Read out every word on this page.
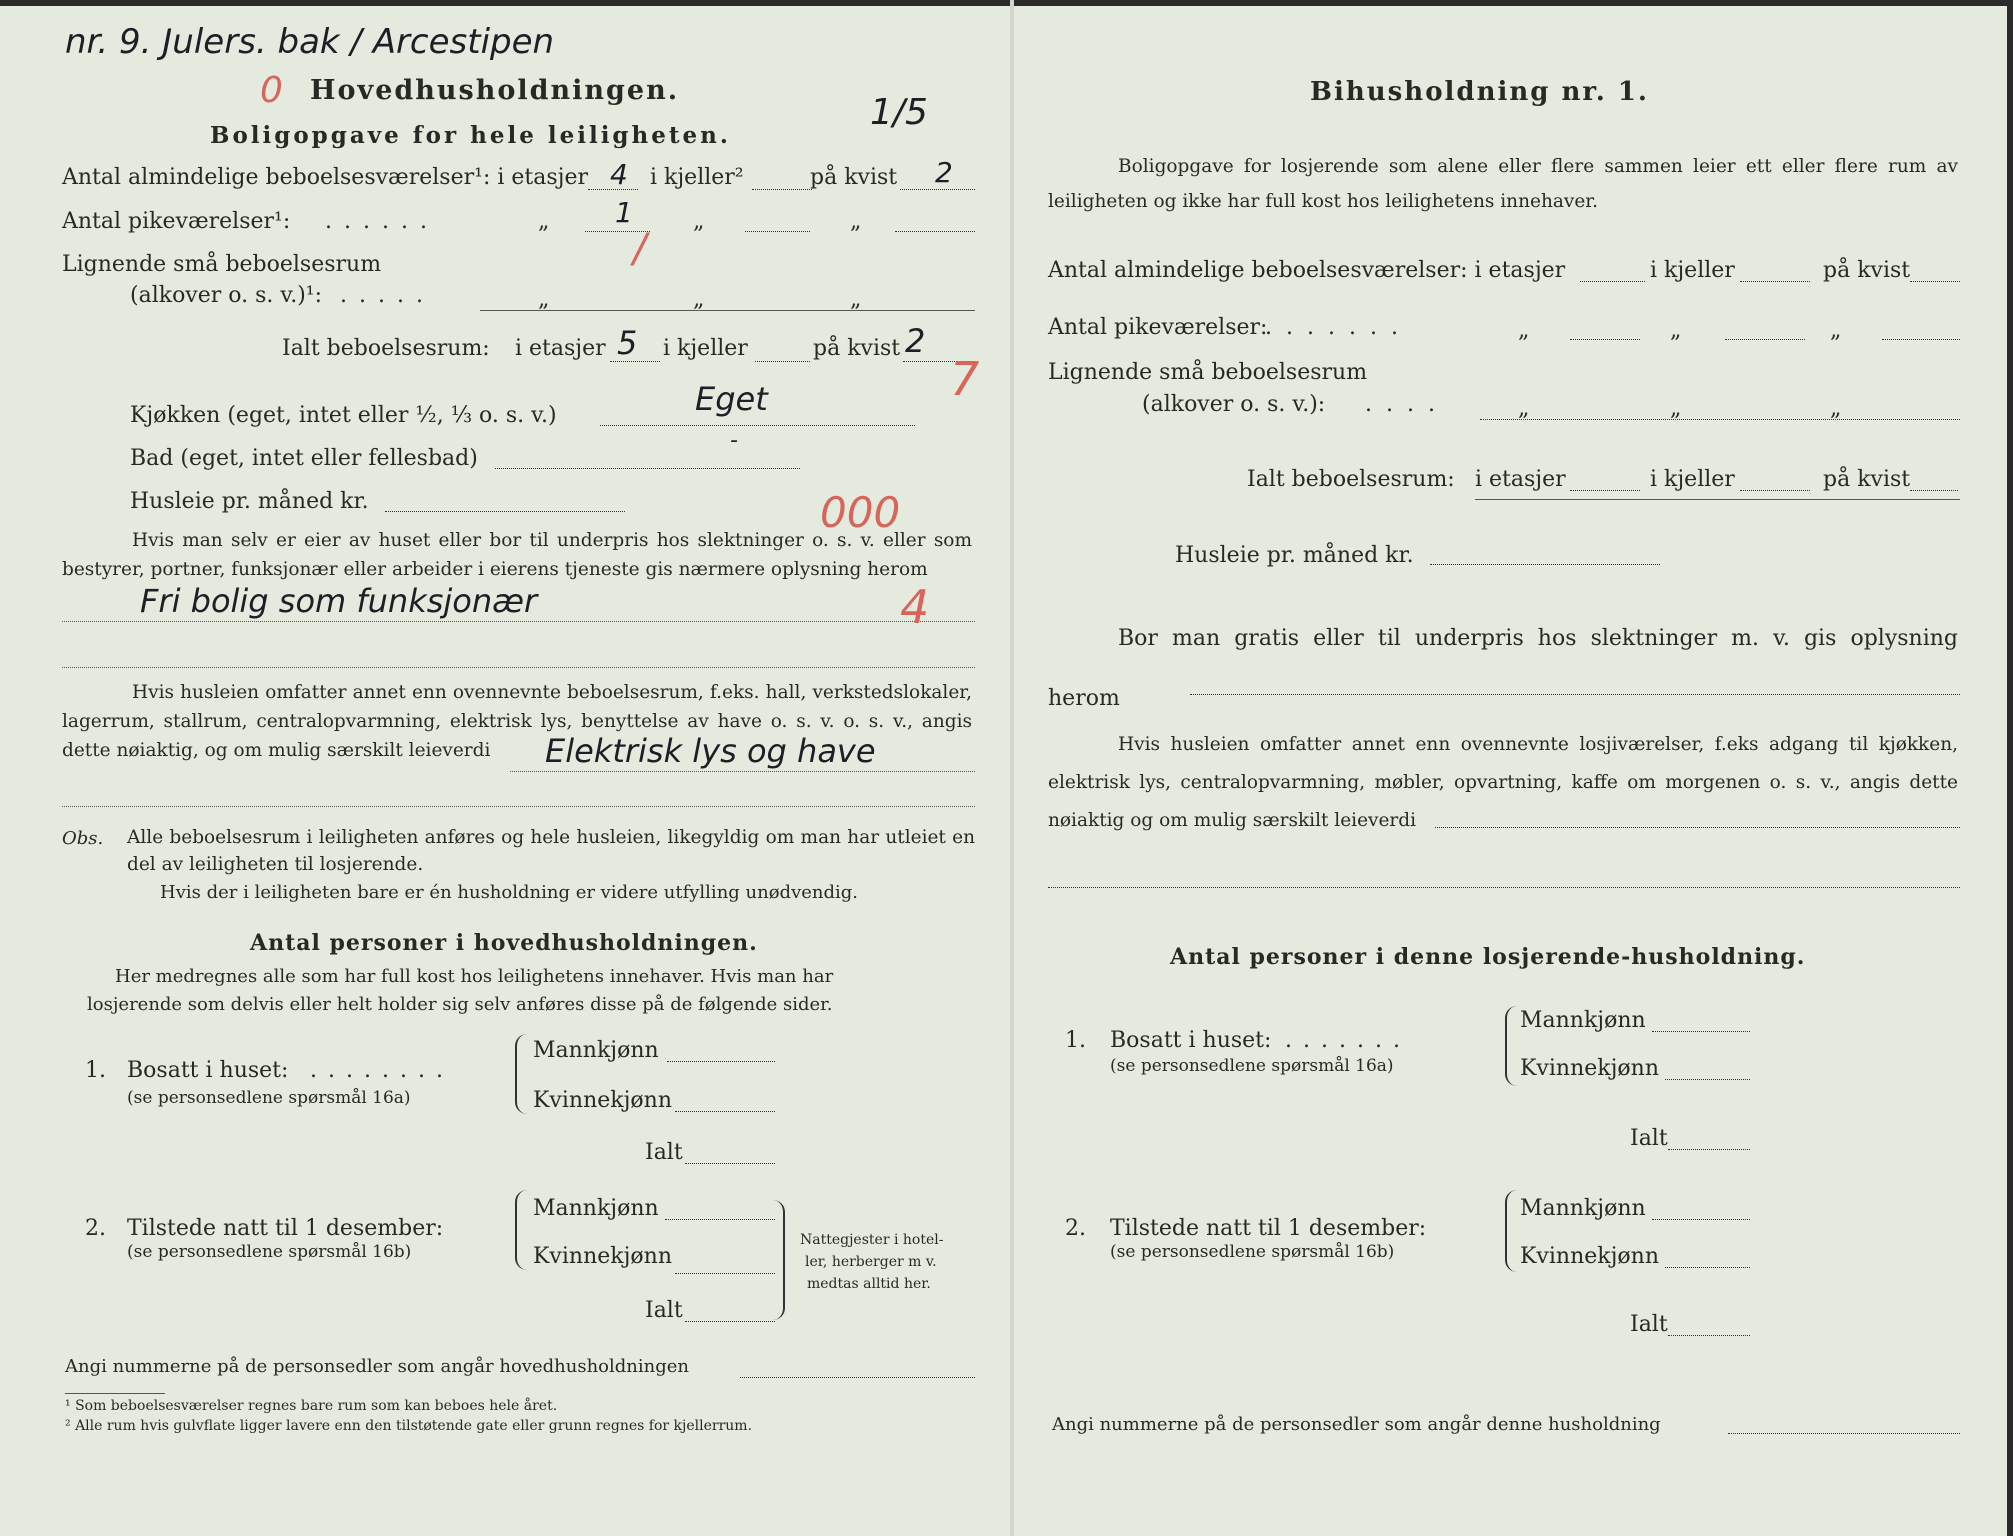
nr. 9. Julers. bak / Arcestipen
0 Hovedhusholdningen.
1/5
Boligopgave for hele leiligheten.
Antal almindelige beboelsesværelser¹: i etasjer 4 i kjeller²	på kvist 2
Antal pikeværelser¹: ......	„ 1	„	„
/
Lignende små beboelsesrum
(alkover o. s. v.)¹: .....	„	„	„
Ialt beboelsesrum: i etasjer 5 i kjeller	på kvist 2
7
Kjøkken (eget, intet eller ½, ⅓ o. s. v.)	Eget
Bad (eget, intet eller fellesbad)
-
Husleie pr. måned kr.	000
Hvis man selv er eier av huset eller bor til underpris hos slektninger o. s. v. eller som bestyrer, portner, funksjonær eller arbeider i eierens tjeneste gis nærmere oplysning herom
Fri bolig som funksjonær	4
Hvis husleien omfatter annet enn ovennevnte beboelsesrum, f.eks. hall, verkstedslokaler, lagerrum, stallrum, centralopvarmning, elektrisk lys, benyttelse av have o. s. v. o. s. v., angis dette nøiaktig, og om mulig særskilt leieverdi	Elektrisk lys og have
Obs. Alle beboelsesrum i leiligheten anføres og hele husleien, likegyldig om man har utleiet en del av leiligheten til losjerende.
Hvis der i leiligheten bare er én husholdning er videre utfylling unødvendig.
Antal personer i hovedhusholdningen.
Her medregnes alle som har full kost hos leilighetens innehaver. Hvis man har
losjerende som delvis eller helt holder sig selv anføres disse på de følgende sider.
1. Bosatt i huset: ........
(se personsedlene spørsmål 16a)
Mannkjønn
Kvinnekjønn
Ialt
2. Tilstede natt til 1 desember:
(se personsedlene spørsmål 16b)
Mannkjønn
Kvinnekjønn
Ialt
Nattegjester i hotel-
ler, herberger m v.
medtas alltid her.
Angi nummerne på de personsedler som angår hovedhusholdningen
¹ Som beboelsesværelser regnes bare rum som kan beboes hele året.
² Alle rum hvis gulvflate ligger lavere enn den tilstøtende gate eller grunn regnes for kjellerrum.
Bihusholdning nr. 1.
Boligopgave for losjerende som alene eller flere sammen leier ett eller flere rum av leiligheten og ikke har full kost hos leilighetens innehaver.
Antal almindelige beboelsesværelser: i etasjer	i kjeller	på kvist
Antal pikeværelser:
.......	„	„	„
Lignende små beboelsesrum
(alkover o. s. v.): ....	„	„	„
Ialt beboelsesrum: i etasjer	i kjeller	på kvist
Husleie pr. måned kr.
Bor man gratis eller til underpris hos slektninger m. v. gis oplysning herom
Hvis husleien omfatter annet enn ovennevnte losjiværelser, f.eks adgang til kjøkken, elektrisk lys, centralopvarmning, møbler, opvartning, kaffe om morgenen o. s. v., angis dette nøiaktig og om mulig særskilt leieverdi
Antal personer i denne losjerende-husholdning.
1. Bosatt i huset: .......
(se personsedlene spørsmål 16a)
Mannkjønn
Kvinnekjønn
Ialt
2. Tilstede natt til 1 desember:
(se personsedlene spørsmål 16b)
Mannkjønn
Kvinnekjønn
Ialt
Angi nummerne på de personsedler som angår denne husholdning
